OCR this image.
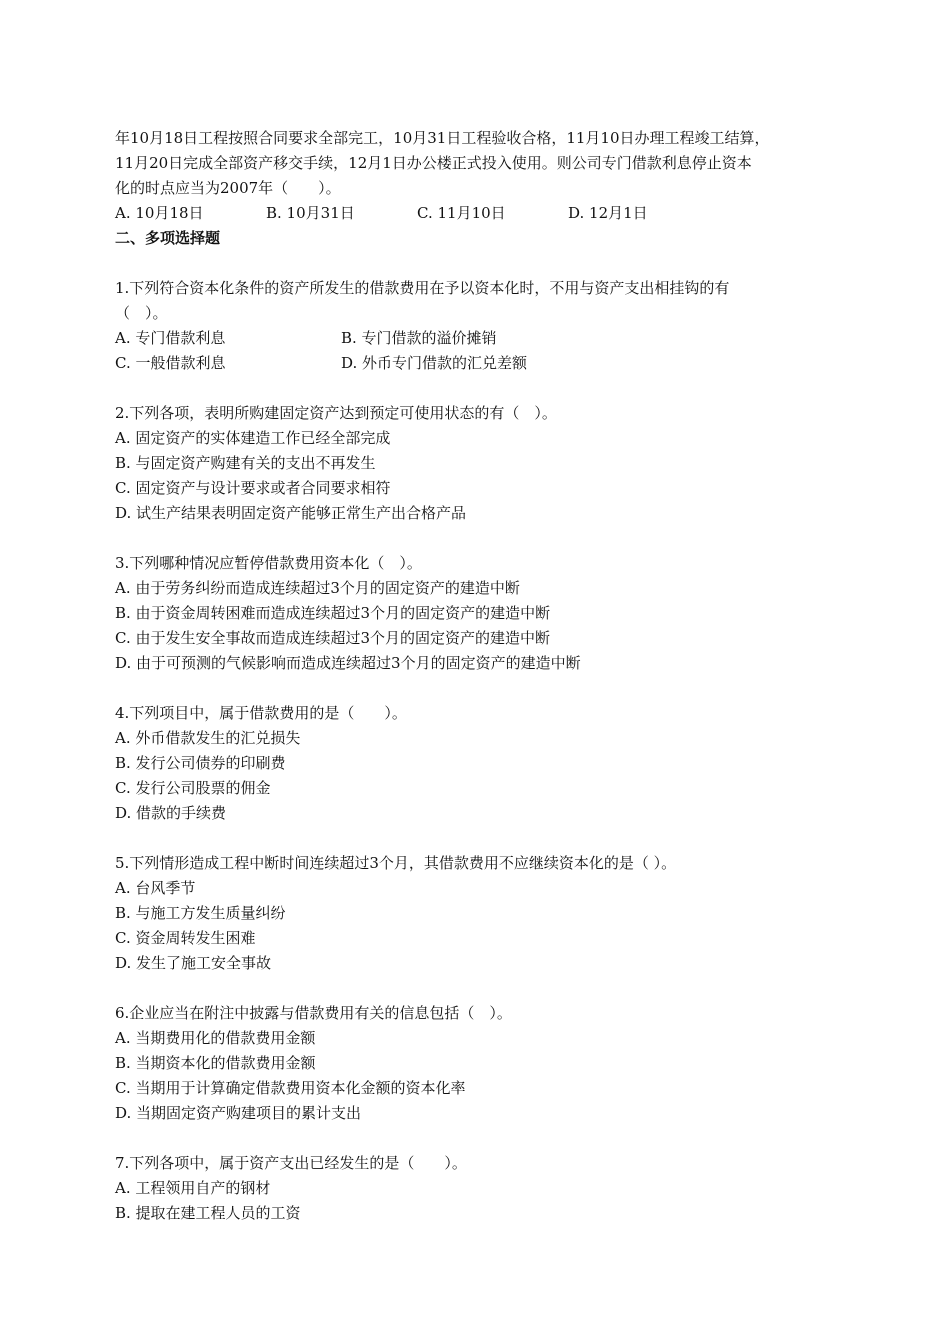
年10月18日工程按照合同要求全部完工，10月31日工程验收合格，11月10日办理工程竣工结算，
11月20日完成全部资产移交手续，12月1日办公楼正式投入使用。则公司专门借款利息停止资本
化的时点应当为2007年（　　）。
A. 10月18日	B. 10月31日	C. 11月10日	D. 12月1日
二、多项选择题
1.下列符合资本化条件的资产所发生的借款费用在予以资本化时，不用与资产支出相挂钩的有
（　）。
A. 专门借款利息	B. 专门借款的溢价摊销
C. 一般借款利息	D. 外币专门借款的汇兑差额
2.下列各项，表明所购建固定资产达到预定可使用状态的有（　）。
A. 固定资产的实体建造工作已经全部完成
B. 与固定资产购建有关的支出不再发生
C. 固定资产与设计要求或者合同要求相符
D. 试生产结果表明固定资产能够正常生产出合格产品
3.下列哪种情况应暂停借款费用资本化（　）。
A. 由于劳务纠纷而造成连续超过3个月的固定资产的建造中断
B. 由于资金周转困难而造成连续超过3个月的固定资产的建造中断
C. 由于发生安全事故而造成连续超过3个月的固定资产的建造中断
D. 由于可预测的气候影响而造成连续超过3个月的固定资产的建造中断
4.下列项目中，属于借款费用的是（　　）。
A. 外币借款发生的汇兑损失
B. 发行公司债券的印刷费
C. 发行公司股票的佣金
D. 借款的手续费
5.下列情形造成工程中断时间连续超过3个月，其借款费用不应继续资本化的是（ ）。
A. 台风季节
B. 与施工方发生质量纠纷
C. 资金周转发生困难
D. 发生了施工安全事故
6.企业应当在附注中披露与借款费用有关的信息包括（　）。
A. 当期费用化的借款费用金额
B. 当期资本化的借款费用金额
C. 当期用于计算确定借款费用资本化金额的资本化率
D. 当期固定资产购建项目的累计支出
7.下列各项中，属于资产支出已经发生的是（　　）。
A. 工程领用自产的钢材
B. 提取在建工程人员的工资
